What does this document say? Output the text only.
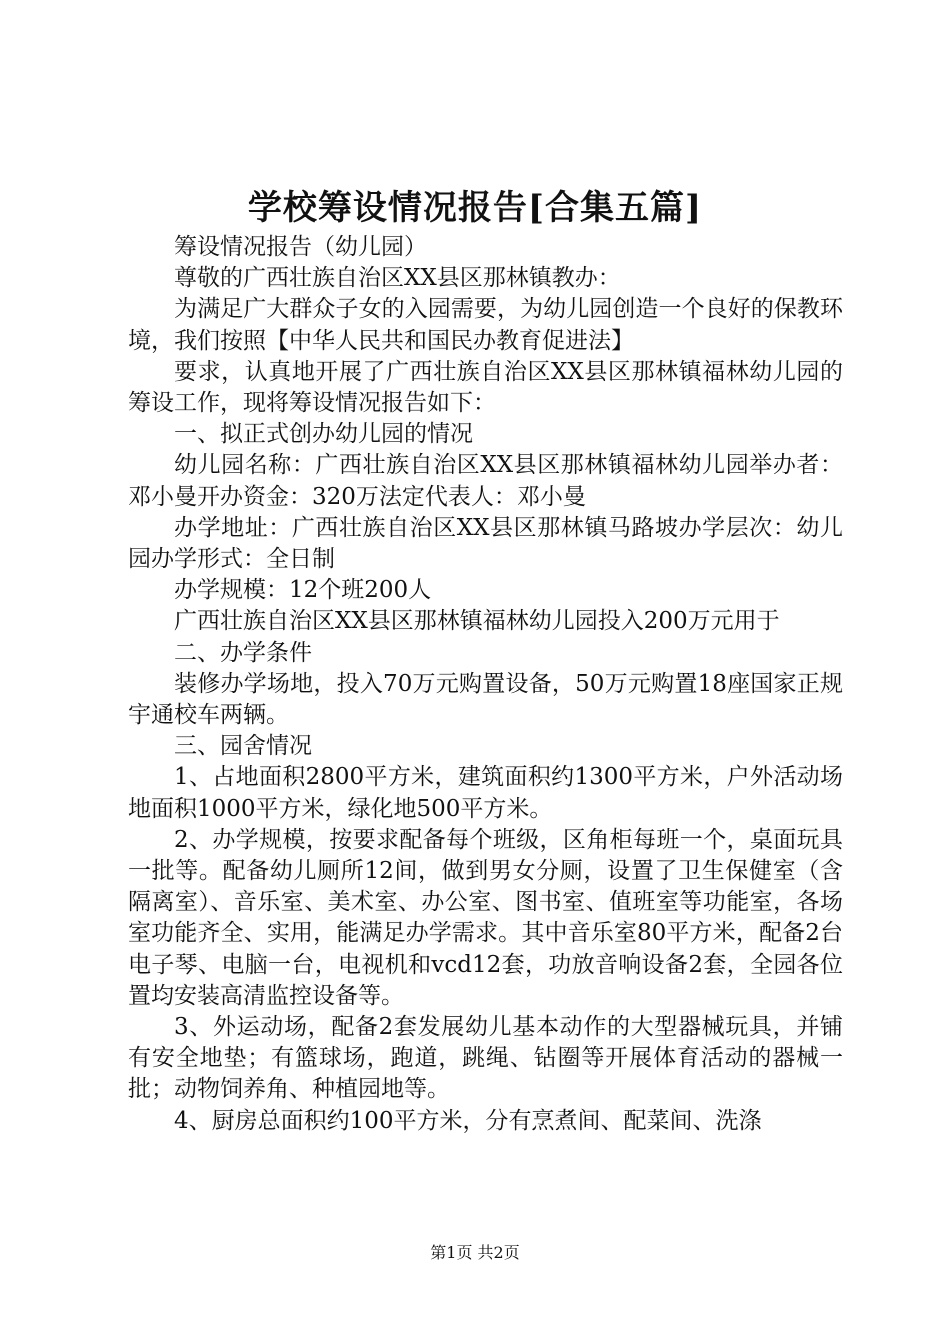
学校筹设情况报告[合集五篇]

筹设情况报告（幼儿园）

尊敬的广西壮族自治区XX县区那林镇教办：

为满足广大群众子女的入园需要，为幼儿园创造一个良好的保教环境，我们按照【中华人民共和国民办教育促进法】

要求，认真地开展了广西壮族自治区XX县区那林镇福林幼儿园的筹设工作，现将筹设情况报告如下：

一、拟正式创办幼儿园的情况

幼儿园名称：广西壮族自治区XX县区那林镇福林幼儿园举办者：邓小曼开办资金：320万法定代表人：邓小曼

办学地址：广西壮族自治区XX县区那林镇马路坡办学层次：幼儿园办学形式：全日制

办学规模：12个班200人

广西壮族自治区XX县区那林镇福林幼儿园投入200万元用于

二、办学条件

装修办学场地，投入70万元购置设备，50万元购置18座国家正规宇通校车两辆。

三、园舍情况

1、占地面积2800平方米，建筑面积约1300平方米，户外活动场地面积1000平方米，绿化地500平方米。

2、办学规模，按要求配备每个班级，区角柜每班一个，桌面玩具一批等。配备幼儿厕所12间，做到男女分厕，设置了卫生保健室（含隔离室）、音乐室、美术室、办公室、图书室、值班室等功能室，各场室功能齐全、实用，能满足办学需求。其中音乐室80平方米，配备2台电子琴、电脑一台，电视机和vcd12套，功放音响设备2套，全园各位置均安装高清监控设备等。

3、外运动场，配备2套发展幼儿基本动作的大型器械玩具，并铺有安全地垫；有篮球场，跑道，跳绳、钻圈等开展体育活动的器械一批；动物饲养角、种植园地等。

4、厨房总面积约100平方米，分有烹煮间、配菜间、洗涤

第1页 共2页
